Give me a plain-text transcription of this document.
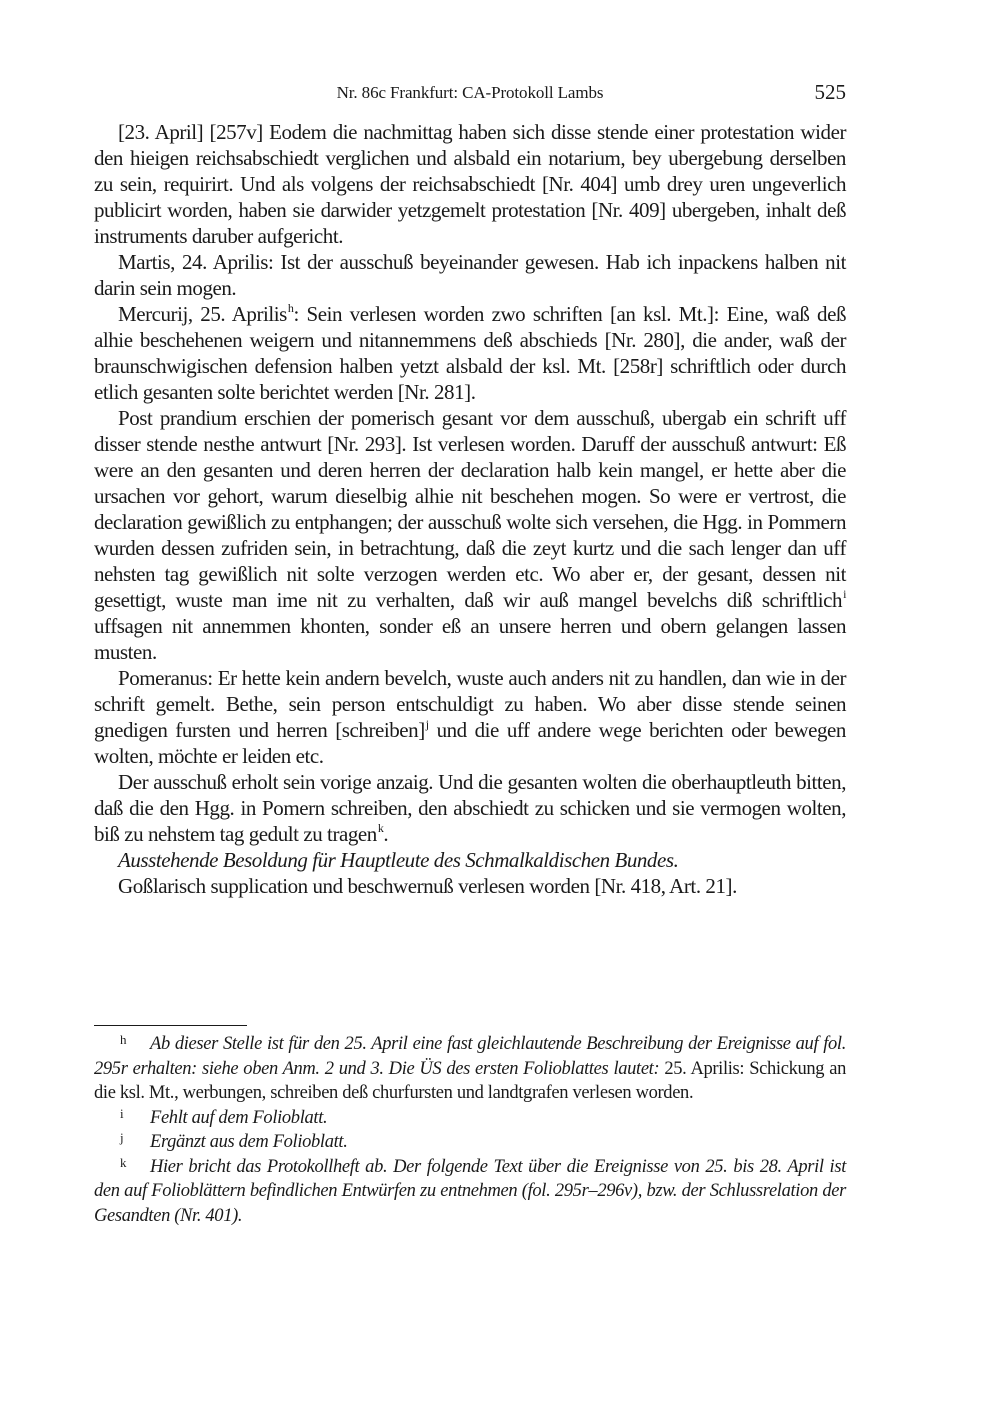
Nr. 86c Frankfurt: CA-Protokoll Lambs	525

[23. April] [257v] Eodem die nachmittag haben sich disse stende einer protestation wider den hieigen reichsabschiedt verglichen und alsbald ein notarium, bey ubergebung derselben zu sein, requirirt. Und als volgens der reichsabschiedt [Nr. 404] umb drey uren ungeverlich publicirt worden, haben sie darwider yetzgemelt protestation [Nr. 409] ubergeben, inhalt deß instruments daruber aufgericht.

Martis, 24. Aprilis: Ist der ausschuß beyeinander gewesen. Hab ich inpackens halben nit darin sein mogen.

Mercurij, 25. Aprilis$^h$: Sein verlesen worden zwo schriften [an ksl. Mt.]: Eine, waß deß alhie beschehenen weigern und nitannemmens deß abschieds [Nr. 280], die ander, waß der braunschwigischen defension halben yetzt alsbald der ksl. Mt. [258r] schriftlich oder durch etlich gesanten solte berichtet werden [Nr. 281].

Post prandium erschien der pomerisch gesant vor dem ausschuß, ubergab ein schrift uff disser stende nesthe antwurt [Nr. 293]. Ist verlesen worden. Daruff der ausschuß antwurt: Eß were an den gesanten und deren herren der declaration halb kein mangel, er hette aber die ursachen vor gehort, warum dieselbig alhie nit beschehen mogen. So were er vertrost, die declaration gewißlich zu entphangen; der ausschuß wolte sich versehen, die Hgg. in Pommern wurden dessen zufriden sein, in betrachtung, daß die zeyt kurtz und die sach lenger dan uff nehsten tag gewißlich nit solte verzogen werden etc. Wo aber er, der gesant, dessen nit gesettigt, wuste man ime nit zu verhalten, daß wir auß mangel bevelchs diß schriftlich$^i$ uffsagen nit annemmen khonten, sonder eß an unsere herren und obern gelangen lassen musten.

Pomeranus: Er hette kein andern bevelch, wuste auch anders nit zu handlen, dan wie in der schrift gemelt. Bethe, sein person entschuldigt zu haben. Wo aber disse stende seinen gnedigen fursten und herren [schreiben]$^j$ und die uff andere wege berichten oder bewegen wolten, möchte er leiden etc.

Der ausschuß erholt sein vorige anzaig. Und die gesanten wolten die oberhauptleuth bitten, daß die den Hgg. in Pomern schreiben, den abschiedt zu schicken und sie vermogen wolten, biß zu nehstem tag gedult zu tragen$^k$.

Ausstehende Besoldung für Hauptleute des Schmalkaldischen Bundes.

Goßlarisch supplication und beschwernuß verlesen worden [Nr. 418, Art. 21].

h Ab dieser Stelle ist für den 25. April eine fast gleichlautende Beschreibung der Ereignisse auf fol. 295r erhalten: siehe oben Anm. 2 und 3. Die ÜS des ersten Folioblattes lautet: 25. Aprilis: Schickung an die ksl. Mt., werbungen, schreiben deß churfursten und landtgrafen verlesen worden.

i Fehlt auf dem Folioblatt.

j Ergänzt aus dem Folioblatt.

k Hier bricht das Protokollheft ab. Der folgende Text über die Ereignisse von 25. bis 28. April ist den auf Folioblättern befindlichen Entwürfen zu entnehmen (fol. 295r–296v), bzw. der Schlussrelation der Gesandten (Nr. 401).
